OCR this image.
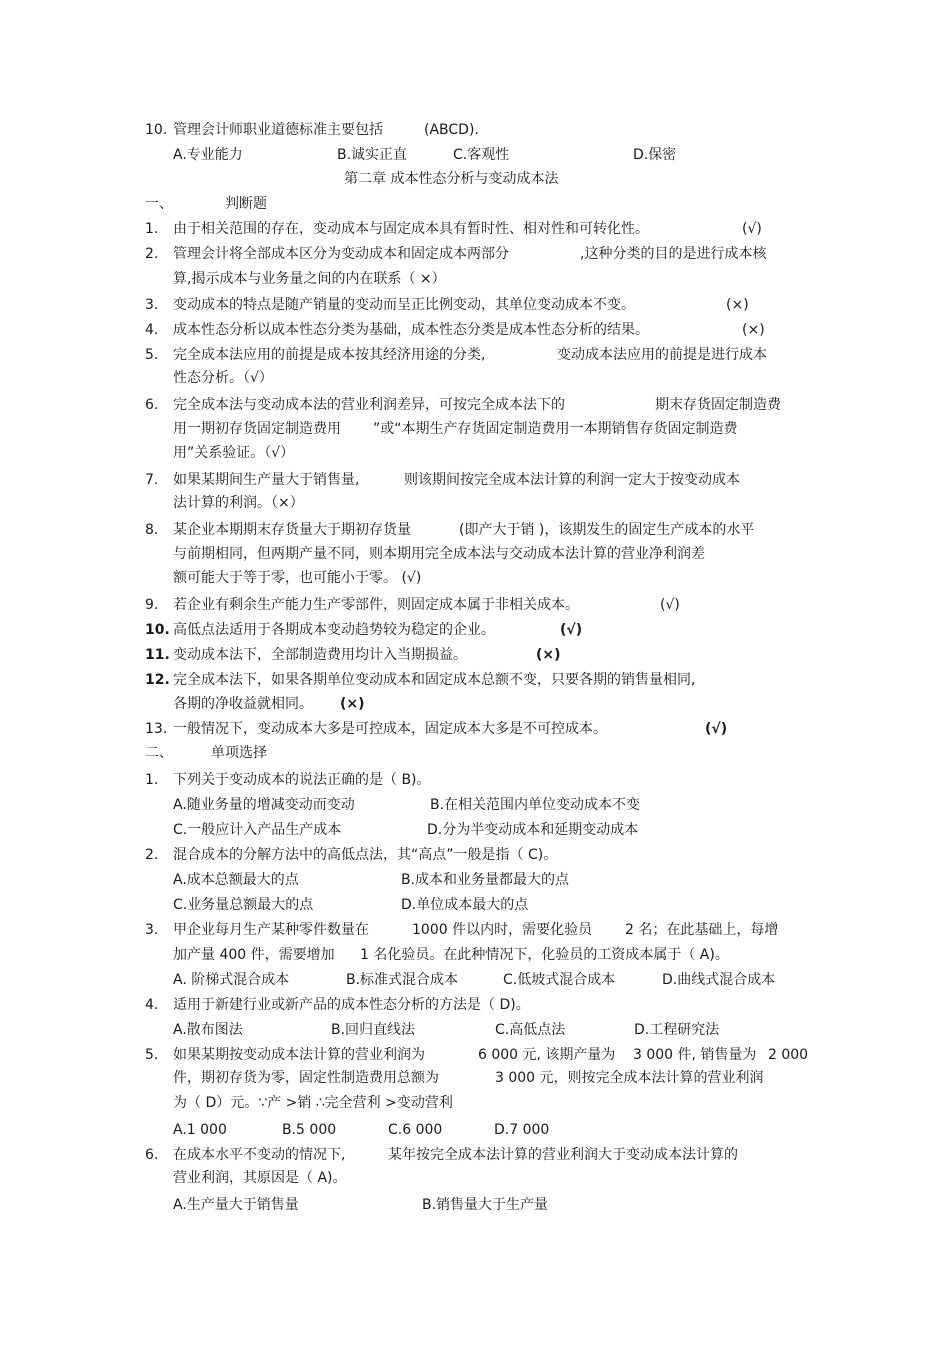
10. 管理会计师职业道德标准主要包括	(ABCD).
A.专业能力	B.诚实正直	C.客观性	D.保密
第二章 成本性态分析与变动成本法
一、	判断题
1. 由于相关范围的存在，变动成本与固定成本具有暂时性、相对性和可转化性。	(√)
2. 管理会计将全部成本区分为变动成本和固定成本两部分	,这种分类的目的是进行成本核
算,揭示成本与业务量之间的内在联系（ ×）
3. 变动成本的特点是随产销量的变动而呈正比例变动，其单位变动成本不变。	(×)
4. 成本性态分析以成本性态分类为基础，成本性态分类是成本性态分析的结果。	(×)
5. 完全成本法应用的前提是成本按其经济用途的分类,	变动成本法应用的前提是进行成本
性态分析。（√）
6. 完全成本法与变动成本法的营业利润差异，可按完全成本法下的	期末存货固定制造费
用一期初存货固定制造费用 ”或“本期生产存货固定制造费用一本期销售存货固定制造费
用”关系验证。（√）
7. 如果某期间生产量大于销售量,	则该期间按完全成本法计算的利润一定大于按变动成本
法计算的利润。（×）
8. 某企业本期期末存货量大于期初存货量	(即产大于销 )，该期发生的固定生产成本的水平
与前期相同，但两期产量不同，则本期用完全成本法与交动成本法计算的营业净利润差
额可能大于等于零，也可能小于零。 (√)
9. 若企业有剩余生产能力生产零部件，则固定成本属于非相关成本。	(√)
10. 高低点法适用于各期成本变动趋势较为稳定的企业。	(√)
11. 变动成本法下，全部制造费用均计入当期损益。	(×)
12. 完全成本法下，如果各期单位变动成本和固定成本总额不变，只要各期的销售量相同,
各期的净收益就相同。 (×)
13. 一般情况下，变动成本大多是可控成本，固定成本大多是不可控成本。	(√)
二、	单项选择
1. 下列关于变动成本的说法正确的是（ B)。
A.随业务量的增减变动而变动	B.在相关范围内单位变动成本不变
C.一般应计入产品生产成本	D.分为半变动成本和延期变动成本
2. 混合成本的分解方法中的高低点法，其“高点”一般是指（ C)。
A.成本总额最大的点	B.成本和业务量都最大的点
C.业务量总额最大的点	D.单位成本最大的点
3. 甲企业每月生产某种零件数量在	1000 件以内时，需要化验员 2 名；在此基础上，每增
加产量 400 件，需要增加 1 名化验员。在此种情况下，化验员的工资成本属于（ A)。
A. 阶梯式混合成本	B.标准式混合成本	C.低坡式混合成本	D.曲线式混合成本
4. 适用于新建行业或新产品的成本性态分析的方法是（ D)。
A.散布图法	B.回归直线法	C.高低点法	D.工程研究法
5. 如果某期按变动成本法计算的营业利润为	6 000 元, 该期产量为 3 000 件, 销售量为 2 000
件，期初存货为零，固定性制造费用总额为	3 000 元，则按完全成本法计算的营业利润
为（ D）元。∵产 >销 ∴完全营利 >变动营利
A.1 000	B.5 000	C.6 000	D.7 000
6. 在成本水平不变动的情况下,	某年按完全成本法计算的营业利润大于变动成本法计算的
营业利润，其原因是（ A)。
A.生产量大于销售量	B.销售量大于生产量
